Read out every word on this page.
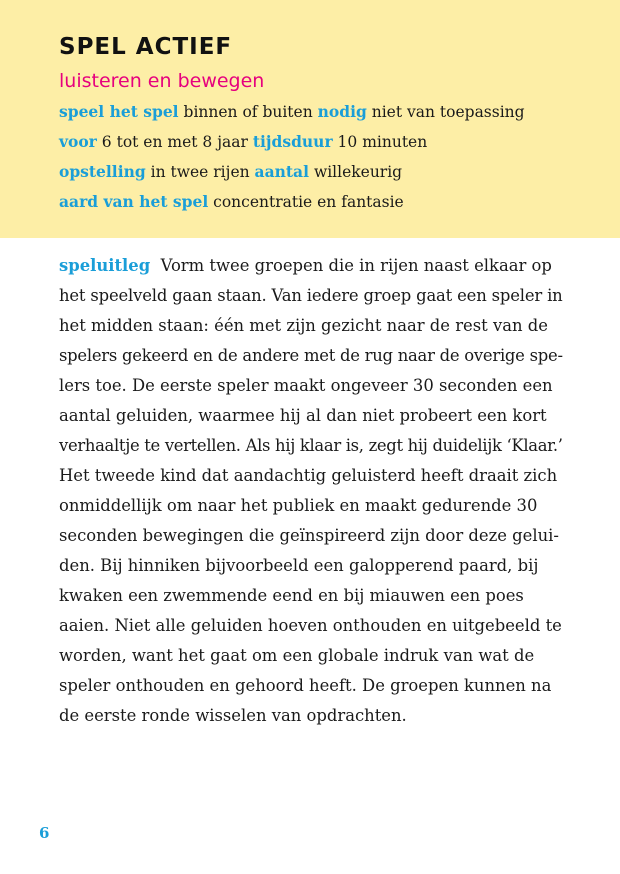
SPEL ACTIEF
luisteren en bewegen
speel het spel binnen of buiten nodig niet van toepassing
voor 6 tot en met 8 jaar tijdsduur 10 minuten
opstelling in twee rijen aantal willekeurig
aard van het spel concentratie en fantasie
speluitleg Vorm twee groepen die in rijen naast elkaar op
het speelveld gaan staan. Van iedere groep gaat een speler in
het midden staan: één met zijn gezicht naar de rest van de
spelers gekeerd en de andere met de rug naar de overige spe-
lers toe. De eerste speler maakt ongeveer 30 seconden een
aantal geluiden, waarmee hij al dan niet probeert een kort
verhaaltje te vertellen. Als hij klaar is, zegt hij duidelijk ‘Klaar.’
Het tweede kind dat aandachtig geluisterd heeft draait zich
onmiddellijk om naar het publiek en maakt gedurende 30
seconden bewegingen die geïnspireerd zijn door deze gelui-
den. Bij hinniken bijvoorbeeld een galopperend paard, bij
kwaken een zwemmende eend en bij miauwen een poes
aaien. Niet alle geluiden hoeven onthouden en uitgebeeld te
worden, want het gaat om een globale indruk van wat de
speler onthouden en gehoord heeft. De groepen kunnen na
de eerste ronde wisselen van opdrachten.
6
